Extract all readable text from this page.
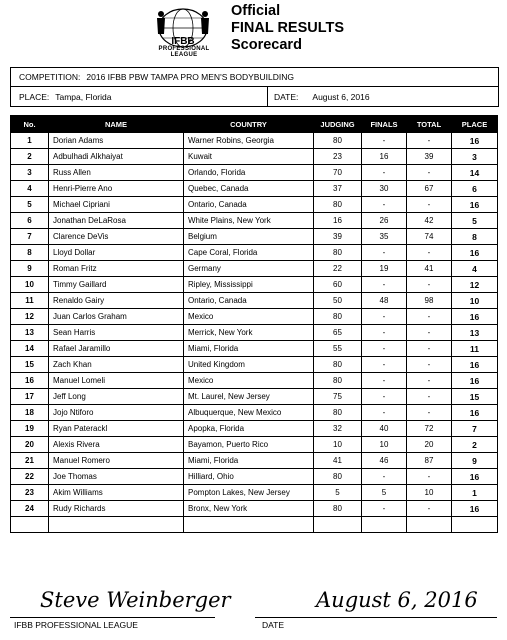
IFBB
PROFESSIONAL LEAGUE
Official
FINAL RESULTS
Scorecard
COMPETITION: 2016 IFBB PBW TAMPA PRO MEN'S BODYBUILDING
PLACE: Tampa, Florida	DATE: August 6, 2016
No.	NAME	COUNTRY	JUDGING	FINALS	TOTAL	PLACE
1	Dorian Adams	Warner Robins, Georgia	80	-	-	16
2	Adbulhadi Alkhaiyat	Kuwait	23	16	39	3
3	Russ Allen	Orlando, Florida	70	-	-	14
4	Henri-Pierre Ano	Quebec, Canada	37	30	67	6
5	Michael Cipriani	Ontario, Canada	80	-	-	16
6	Jonathan DeLaRosa	White Plains, New York	16	26	42	5
7	Clarence DeVis	Belgium	39	35	74	8
8	Lloyd Dollar	Cape Coral, Florida	80	-	-	16
9	Roman Fritz	Germany	22	19	41	4
10	Timmy Gaillard	Ripley, Mississippi	60	-	-	12
11	Renaldo Gairy	Ontario, Canada	50	48	98	10
12	Juan Carlos Graham	Mexico	80	-	-	16
13	Sean Harris	Merrick, New York	65	-	-	13
14	Rafael Jaramillo	Miami, Florida	55	-	-	11
15	Zach Khan	United Kingdom	80	-	-	16
16	Manuel Lomeli	Mexico	80	-	-	16
17	Jeff Long	Mt. Laurel, New Jersey	75	-	-	15
18	Jojo Ntiforo	Albuquerque, New Mexico	80	-	-	16
19	Ryan Paterackl	Apopka, Florida	32	40	72	7
20	Alexis Rivera	Bayamon, Puerto Rico	10	10	20	2
21	Manuel Romero	Miami, Florida	41	46	87	9
22	Joe Thomas	Hilliard, Ohio	80	-	-	16
23	Akim Williams	Pompton Lakes, New Jersey	5	5	10	1
24	Rudy Richards	Bronx, New York	80	-	-	16

Steve Weinberger	August 6, 2016
IFBB PROFESSIONAL LEAGUE	DATE
